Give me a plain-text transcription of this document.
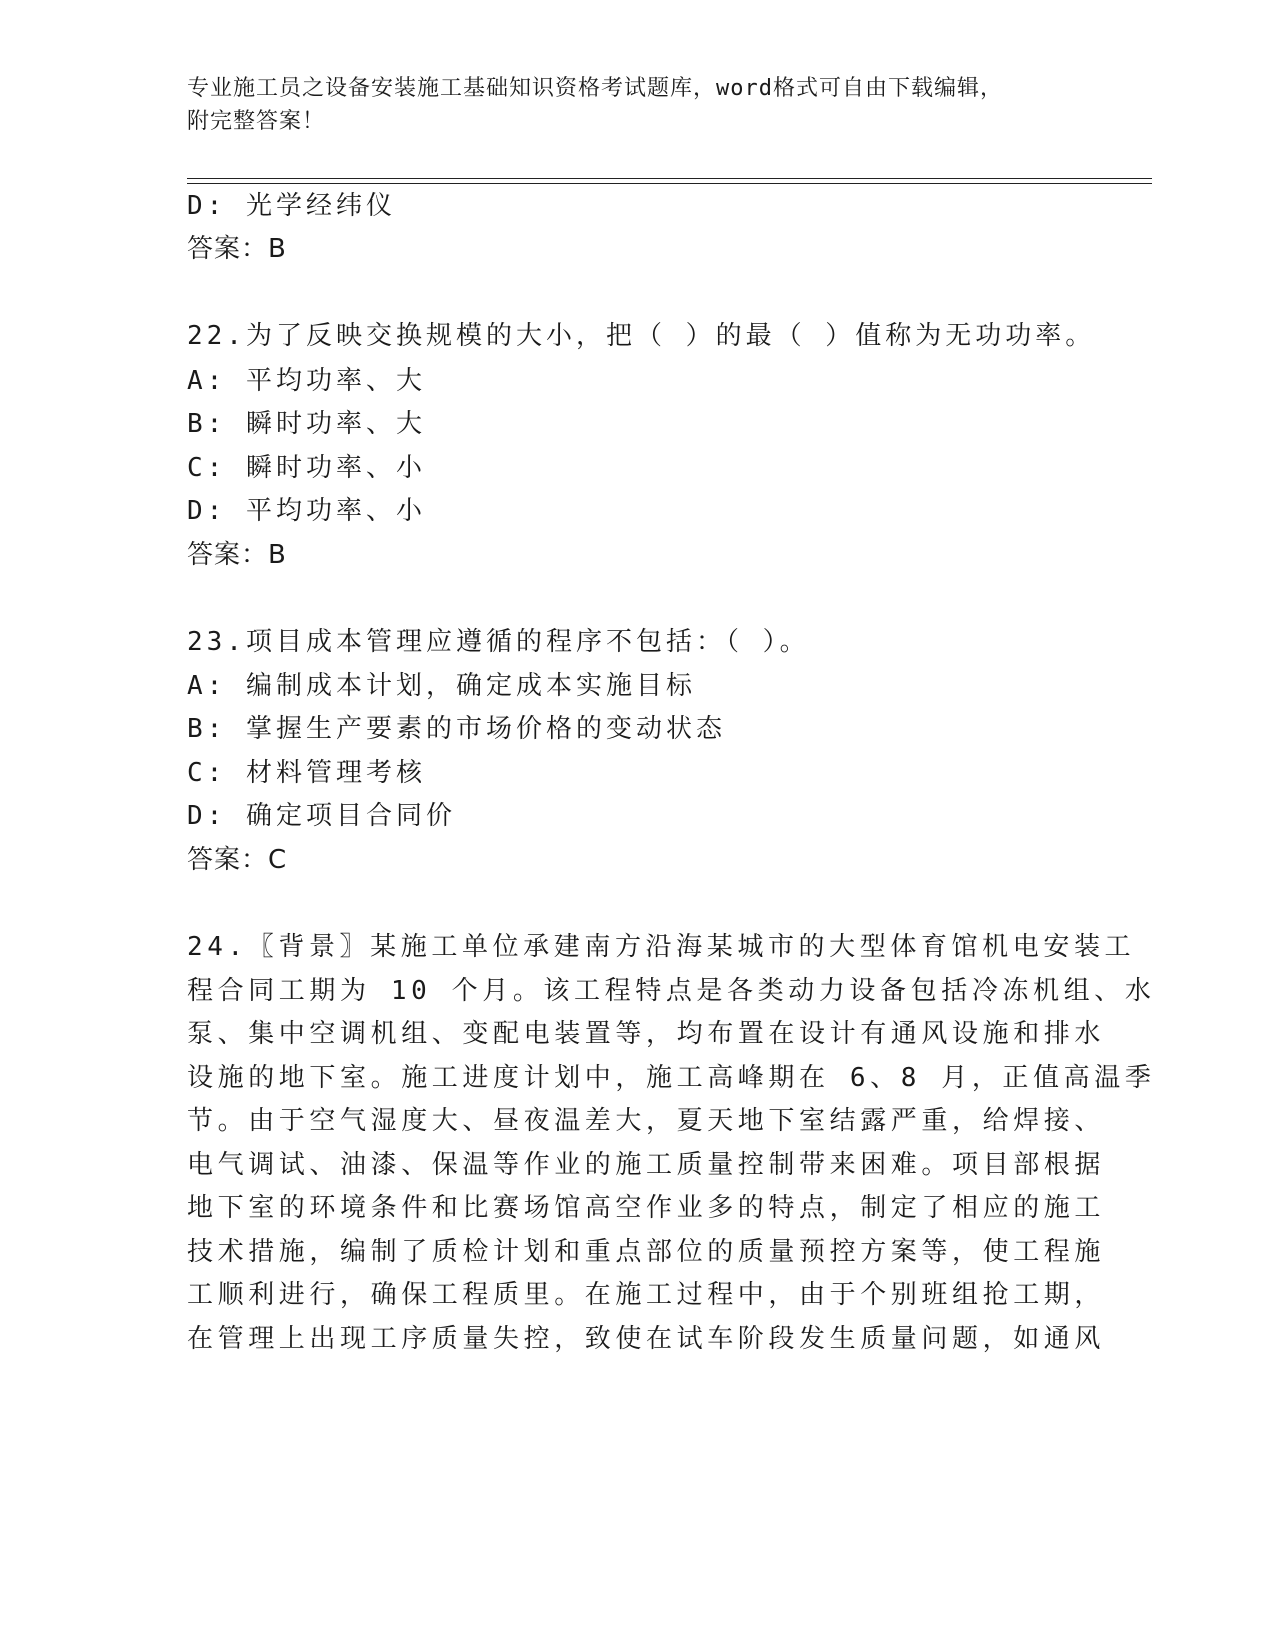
专业施工员之设备安装施工基础知识资格考试题库，word格式可自由下载编辑，
附完整答案！
D: 光学经纬仪
答案：B
22.为了反映交换规模的大小，把（ ）的最（ ）值称为无功功率。
A: 平均功率、大
B: 瞬时功率、大
C: 瞬时功率、小
D: 平均功率、小
答案：B
23.项目成本管理应遵循的程序不包括：（ ）。
A: 编制成本计划，确定成本实施目标
B: 掌握生产要素的市场价格的变动状态
C: 材料管理考核
D: 确定项目合同价
答案：C
24.〖背景〗某施工单位承建南方沿海某城市的大型体育馆机电安装工
程合同工期为 10 个月。该工程特点是各类动力设备包括冷冻机组、水
泵、集中空调机组、变配电装置等，均布置在设计有通风设施和排水
设施的地下室。施工进度计划中，施工高峰期在 6、8 月，正值高温季
节。由于空气湿度大、昼夜温差大，夏天地下室结露严重，给焊接、
电气调试、油漆、保温等作业的施工质量控制带来困难。项目部根据
地下室的环境条件和比赛场馆高空作业多的特点，制定了相应的施工
技术措施，编制了质检计划和重点部位的质量预控方案等，使工程施
工顺利进行，确保工程质里。在施工过程中，由于个别班组抢工期，
在管理上出现工序质量失控，致使在试车阶段发生质量问题，如通风
